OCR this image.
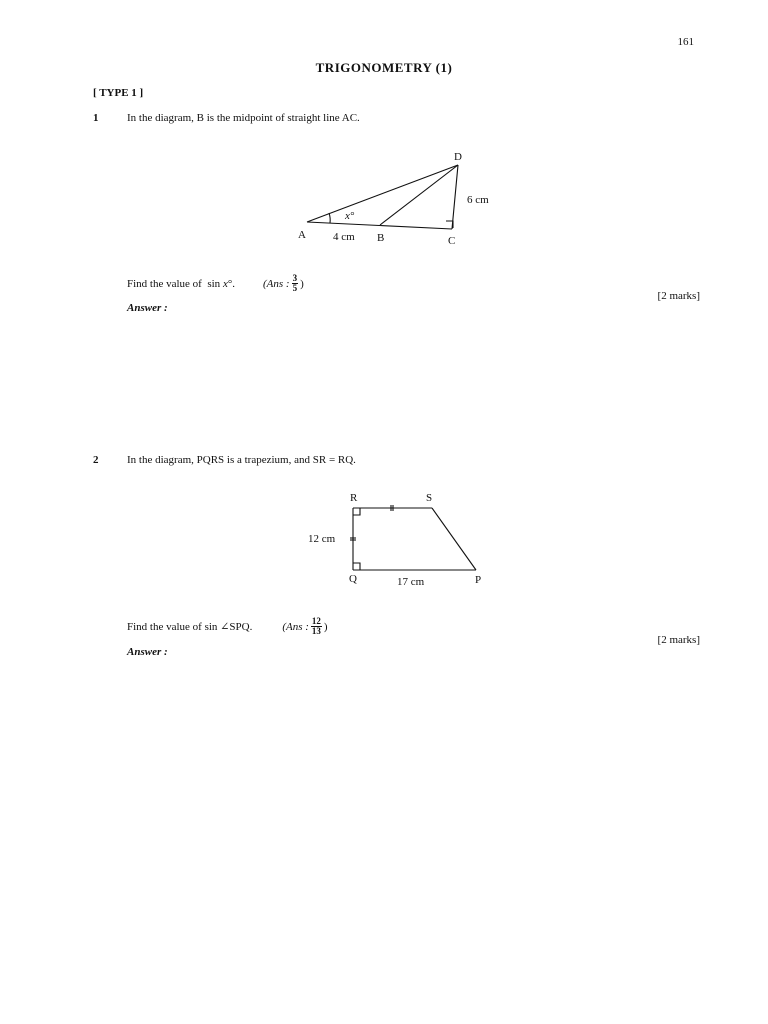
161
TRIGONOMETRY (1)
[ TYPE 1 ]
1	In the diagram, B is the midpoint of straight line AC.
A	B	C
D
x°
4 cm
6 cm
Find the value of  sin x °.	(Ans : $\frac{3}{5}$ )
[2 marks]
Answer :
2	In the diagram, PQRS is a trapezium, and SR = RQ.
R	S
Q	P
12 cm
17 cm
Find the value of sin ∠SPQ.	(Ans : $\frac{12}{13}$ )
[2 marks]
Answer :
